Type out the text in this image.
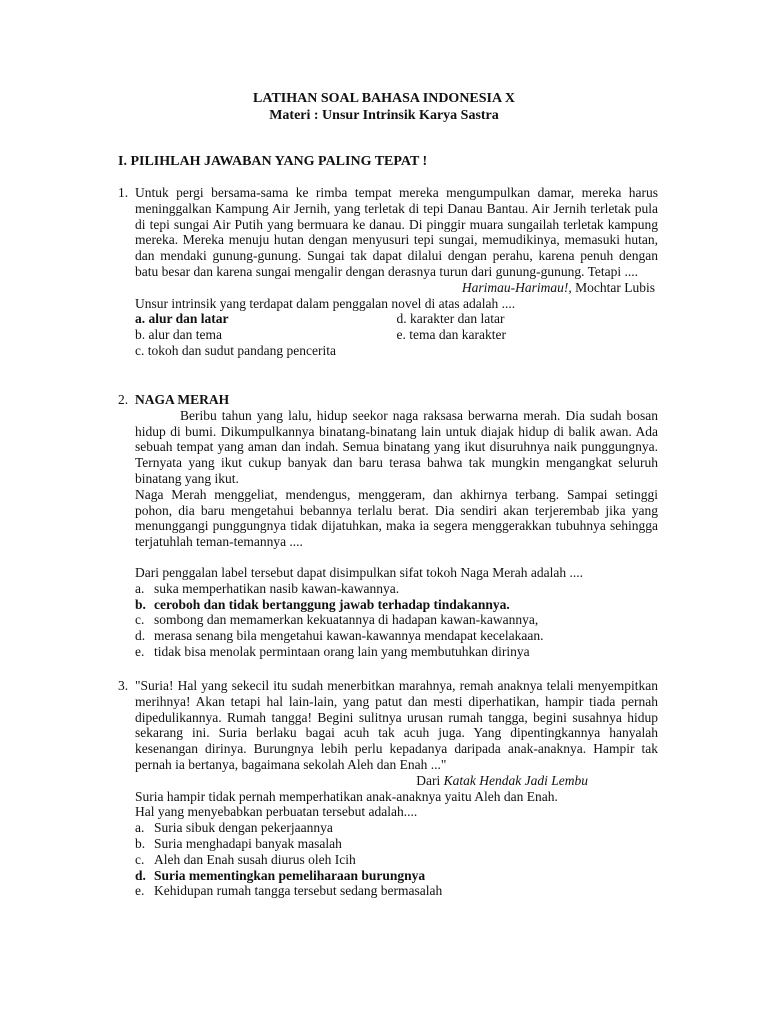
LATIHAN SOAL BAHASA INDONESIA X
Materi : Unsur Intrinsik Karya Sastra
I. PILIHLAH JAWABAN YANG PALING TEPAT !
1. Untuk pergi bersama-sama ke rimba tempat mereka mengumpulkan damar, mereka harus meninggalkan Kampung Air Jernih, yang terletak di tepi Danau Bantau. Air Jernih terletak pula di tepi sungai Air Putih yang bermuara ke danau. Di pinggir muara sungailah terletak kampung mereka. Mereka menuju hutan dengan menyusuri tepi sungai, memudikinya, memasuki hutan, dan mendaki gunung-gunung. Sungai tak dapat dilalui dengan perahu, karena penuh dengan batu besar dan karena sungai mengalir dengan derasnya turun dari gunung-gunung. Tetapi ....
Harimau-Harimau!, Mochtar Lubis
Unsur intrinsik yang terdapat dalam penggalan novel di atas adalah ....
a. alur dan latar	d. karakter dan latar
b. alur dan tema	e. tema dan karakter
c. tokoh dan sudut pandang pencerita
2. NAGA MERAH
Beribu tahun yang lalu, hidup seekor naga raksasa berwarna merah. Dia sudah bosan hidup di bumi. Dikumpulkannya binatang-binatang lain untuk diajak hidup di balik awan. Ada sebuah tempat yang aman dan indah. Semua binatang yang ikut disuruhnya naik punggungnya. Ternyata yang ikut cukup banyak dan baru terasa bahwa tak mungkin mengangkat seluruh binatang yang ikut.
Naga Merah menggeliat, mendengus, menggeram, dan akhirnya terbang. Sampai setinggi pohon, dia baru mengetahui bebannya terlalu berat. Dia sendiri akan terjerembab jika yang menunggangi punggungnya tidak dijatuhkan, maka ia segera menggerakkan tubuhnya sehingga terjatuhlah teman-temannya ....
Dari penggalan label tersebut dapat disimpulkan sifat tokoh Naga Merah adalah ....
a. suka memperhatikan nasib kawan-kawannya.
b. ceroboh dan tidak bertanggung jawab terhadap tindakannya.
c. sombong dan memamerkan kekuatannya di hadapan kawan-kawannya,
d. merasa senang bila mengetahui kawan-kawannya mendapat kecelakaan.
e. tidak bisa menolak permintaan orang lain yang membutuhkan dirinya
3. "Suria! Hal yang sekecil itu sudah menerbitkan marahnya, remah anaknya telali menyempitkan merihnya! Akan tetapi hal lain-lain, yang patut dan mesti diperhatikan, hampir tiada pernah dipedulikannya. Rumah tangga! Begini sulitnya urusan rumah tangga, begini susahnya hidup sekarang ini. Suria berlaku bagai acuh tak acuh juga. Yang dipentingkannya hanyalah kesenangan dirinya. Burungnya lebih perlu kepadanya daripada anak-anaknya. Hampir tak pernah ia bertanya, bagaimana sekolah Aleh dan Enah ..."
Dari Katak Hendak Jadi Lembu
Suria hampir tidak pernah memperhatikan anak-anaknya yaitu Aleh dan Enah.
Hal yang menyebabkan perbuatan tersebut adalah....
a. Suria sibuk dengan pekerjaannya
b. Suria menghadapi banyak masalah
c. Aleh dan Enah susah diurus oleh Icih
d. Suria mementingkan pemeliharaan burungnya
e. Kehidupan rumah tangga tersebut sedang bermasalah
